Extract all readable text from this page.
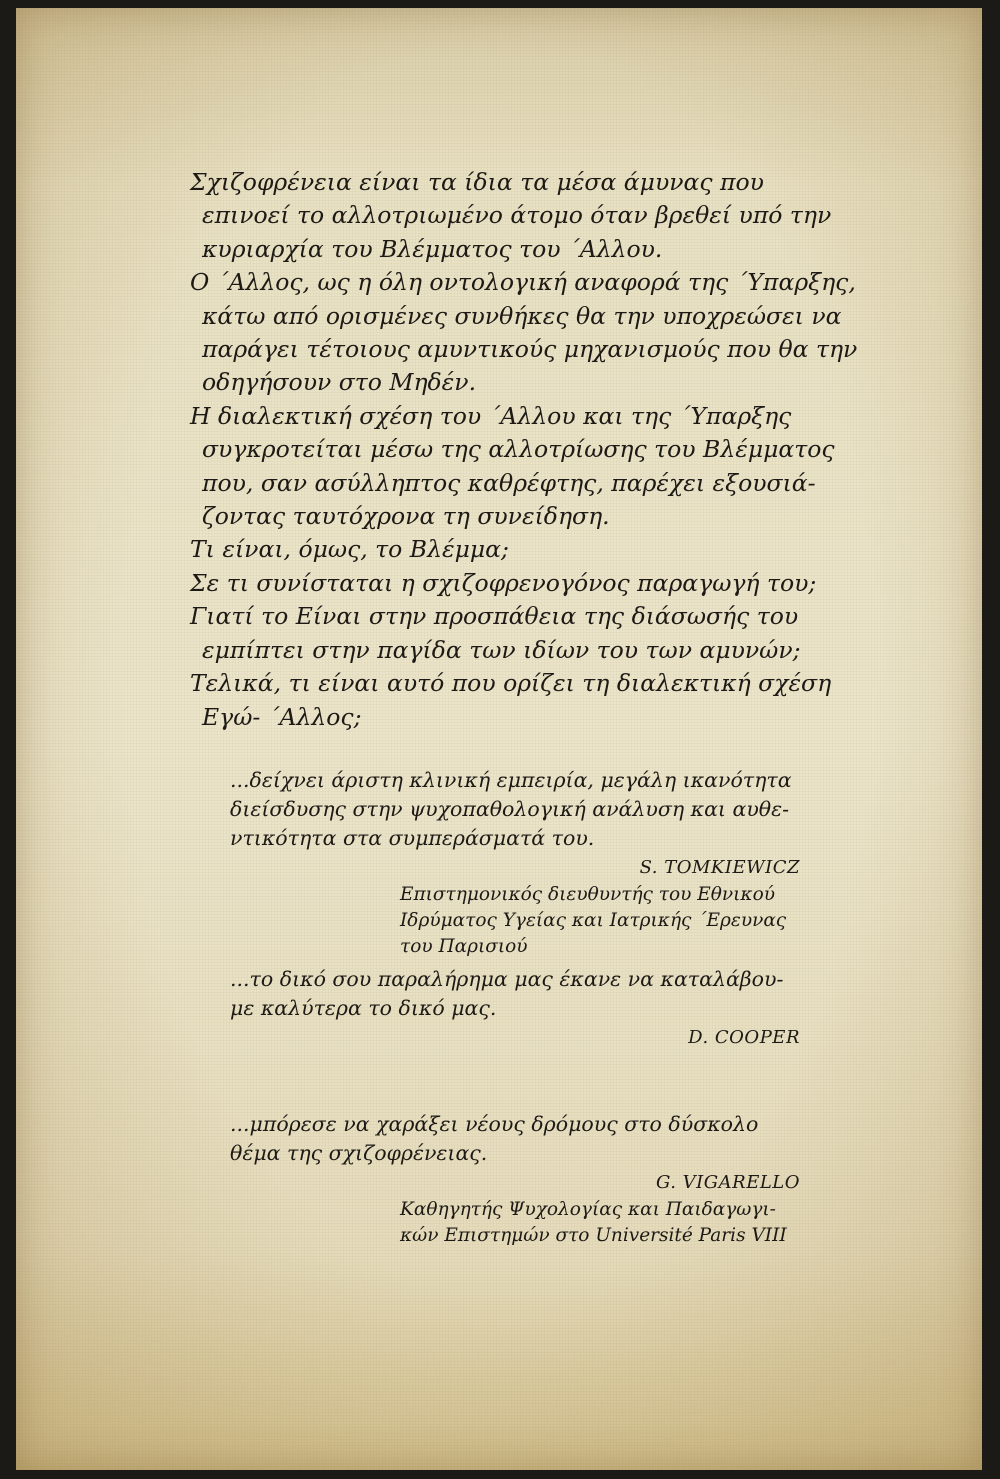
Σχιζοφρένεια είναι τα ίδια τα μέσα άμυνας που
επινοεί το αλλοτριωμένο άτομο όταν βρεθεί υπό την
κυριαρχία του Βλέμματος του ΄Αλλου.
Ο ΄Αλλος, ως η όλη οντολογική αναφορά της ΄Υπαρξης,
κάτω από ορισμένες συνθήκες θα την υποχρεώσει να
παράγει τέτοιους αμυντικούς μηχανισμούς που θα την
οδηγήσουν στο Μηδέν.
Η διαλεκτική σχέση του ΄Αλλου και της ΄Υπαρξης
συγκροτείται μέσω της αλλοτρίωσης του Βλέμματος
που, σαν ασύλληπτος καθρέφτης, παρέχει εξουσιά-
ζοντας ταυτόχρονα τη συνείδηση.
Τι είναι, όμως, το Βλέμμα;
Σε τι συνίσταται η σχιζοφρενογόνος παραγωγή του;
Γιατί το Είναι στην προσπάθεια της διάσωσής του
εμπίπτει στην παγίδα των ιδίων του των αμυνών;
Τελικά, τι είναι αυτό που ορίζει τη διαλεκτική σχέση
Εγώ- ΄Αλλος;
...δείχνει άριστη κλινική εμπειρία, μεγάλη ικανότητα
διείσδυσης στην ψυχοπαθολογική ανάλυση και αυθε-
ντικότητα στα συμπεράσματά του.
S. TOMKIEWICZ
Επιστημονικός διευθυντής του Εθνικού
Ιδρύματος Υγείας και Ιατρικής ΄Ερευνας
του Παρισιού
...το δικό σου παραλήρημα μας έκανε να καταλάβου-
με καλύτερα το δικό μας.
D. COOPER
...μπόρεσε να χαράξει νέους δρόμους στο δύσκολο
θέμα της σχιζοφρένειας.
G. VIGARELLO
Καθηγητής Ψυχολογίας και Παιδαγωγι-
κών Επιστημών στο Université Paris VIII
